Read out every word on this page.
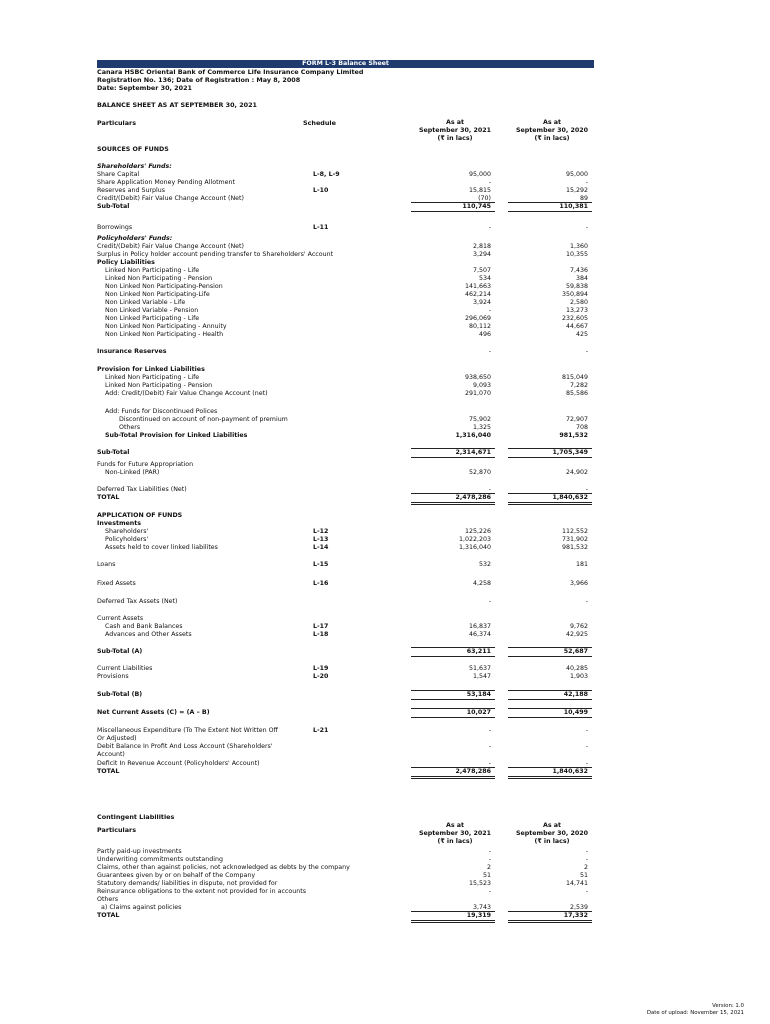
FORM L-3 Balance Sheet
Canara HSBC Oriental Bank of Commerce Life Insurance Company Limited
Registration No. 136; Date of Registration : May 8, 2008
Date: September 30, 2021
BALANCE SHEET AS AT SEPTEMBER 30, 2021
Particulars	Schedule	As at
September 30, 2021
(₹ in lacs)
As at
September 30, 2020
(₹ in lacs)
SOURCES OF FUNDS
Shareholders' Funds:
Share Capital	L-8, L-9	95,000	95,000
Share Application Money Pending Allotment	-	-
Reserves and Surplus	L-10	15,815	15,292
Credit/(Debit) Fair Value Change Account (Net)	(70)	89
Sub-Total	110,745	110,381
Borrowings	L-11	-	-
Policyholders' Funds:
Credit/(Debit) Fair Value Change Account (Net)	2,818	1,360
Surplus in Policy holder account pending transfer to Shareholders' Account	3,294	10,355
Policy Liabilities
Linked Non Participating - Life	7,507	7,436
Linked Non Participating - Pension	534	384
Non Linked Non Participating-Pension	141,663	59,838
Non Linked Non Participating-Life	462,214	350,894
Non Linked Variable - Life	3,924	2,580
Non Linked Variable - Pension	-	13,273
Non Linked Participating - Life	296,069	232,605
Non Linked Non Participating - Annuity	80,112	44,667
Non Linked Non Participating - Health	496	425
Insurance Reserves	-	-
Provision for Linked Liabilities
Linked Non Participating - Life	938,650	815,049
Linked Non Participating - Pension	9,093	7,282
Add: Credit/(Debit) Fair Value Change Account (net)	291,070	85,586
Add: Funds for Discontinued Polices
Discontinued on account of non-payment of premium	75,902	72,907
Others	1,325	708
Sub-Total Provision for Linked Liabilities	1,316,040	981,532
Sub-Total	2,314,671	1,705,349
Funds for Future Appropriation
Non-Linked (PAR)	52,870	24,902
Deferred Tax Liabilities (Net)	-	-
TOTAL	2,478,286	1,840,632
APPLICATION OF FUNDS
Investments
Shareholders'	L-12	125,226	112,552
Policyholders'	L-13	1,022,203	731,902
Assets held to cover linked liabilites	L-14	1,316,040	981,532
Loans	L-15	532	181
Fixed Assets	L-16	4,258	3,966
Deferred Tax Assets (Net)	-	-
Current Assets
Cash and Bank Balances	L-17	16,837	9,762
Advances and Other Assets	L-18	46,374	42,925
Sub-Total (A)	63,211	52,687
Current Liabilities	L-19	51,637	40,285
Provisions	L-20	1,547	1,903
Sub-Total (B)	53,184	42,188
Net Current Assets (C) = (A – B)	10,027	10,499
Miscellaneous Expenditure (To The Extent Not Written Off	L-21	-	-
Or Adjusted)
Debit Balance In Profit And Loss Account (Shareholders'	-	-
Account)
Deficit In Revenue Account (Policyholders' Account)	-	-
TOTAL	2,478,286	1,840,632
Contingent Liabilities
Particulars
As at
September 30, 2021
(₹ in lacs)
As at
September 30, 2020
(₹ in lacs)
Partly paid-up investments	-	-
Underwriting commitments outstanding	-	-
Claims, other than against policies, not acknowledged as debts by the company	2	2
Guarantees given by or on behalf of the Company	51	51
Statutory demands/ liabilities in dispute, not provided for	15,523	14,741
Reinsurance obligations to the extent not provided for in accounts	-	-
Others
a) Claims against policies	3,743	2,539
TOTAL	19,319	17,332
Version: 1.0
Date of upload: November 15, 2021
